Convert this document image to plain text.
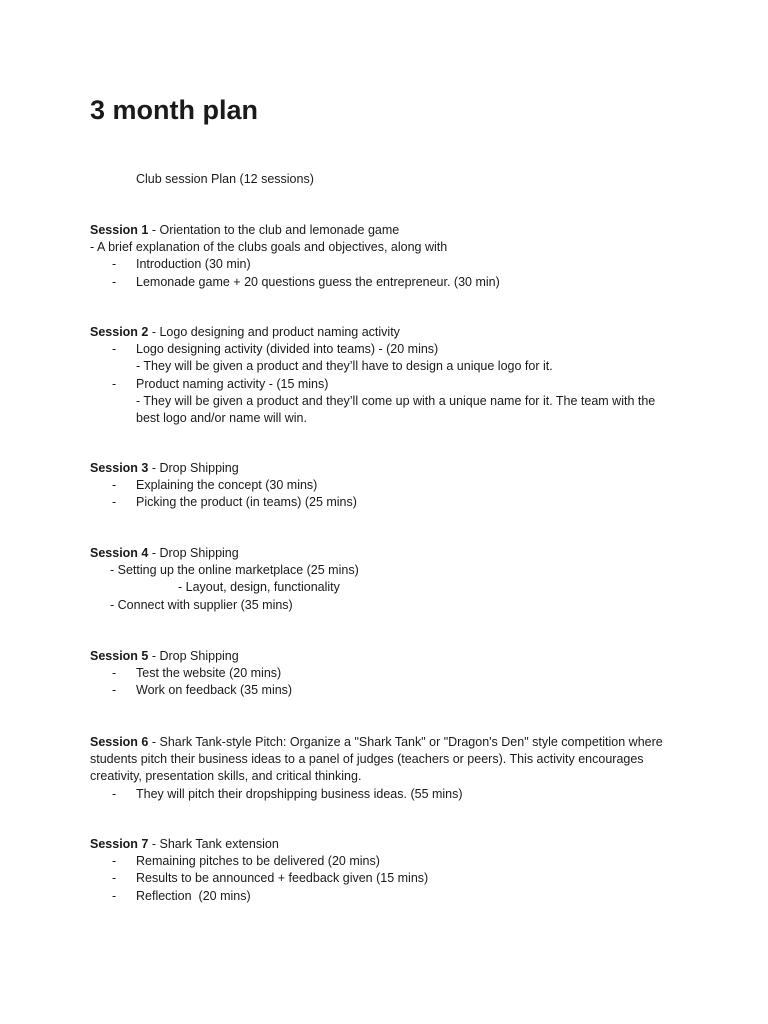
3 month plan
Club session Plan (12 sessions)
Session 1 - Orientation to the club and lemonade game
- A brief explanation of the clubs goals and objectives, along with
- Introduction (30 min)
- Lemonade game + 20 questions guess the entrepreneur. (30 min)
Session 2 - Logo designing and product naming activity
- Logo designing activity (divided into teams) - (20 mins)
- They will be given a product and they’ll have to design a unique logo for it.
- Product naming activity - (15 mins)
- They will be given a product and they’ll come up with a unique name for it. The team with the best logo and/or name will win.
Session 3 - Drop Shipping
- Explaining the concept (30 mins)
- Picking the product (in teams) (25 mins)
Session 4 - Drop Shipping
- Setting up the online marketplace (25 mins)
- Layout, design, functionality
- Connect with supplier (35 mins)
Session 5 - Drop Shipping
- Test the website (20 mins)
- Work on feedback (35 mins)
Session 6 - Shark Tank-style Pitch: Organize a "Shark Tank" or "Dragon's Den" style competition where students pitch their business ideas to a panel of judges (teachers or peers). This activity encourages creativity, presentation skills, and critical thinking.
- They will pitch their dropshipping business ideas. (55 mins)
Session 7 - Shark Tank extension
- Remaining pitches to be delivered (20 mins)
- Results to be announced + feedback given (15 mins)
- Reflection  (20 mins)
